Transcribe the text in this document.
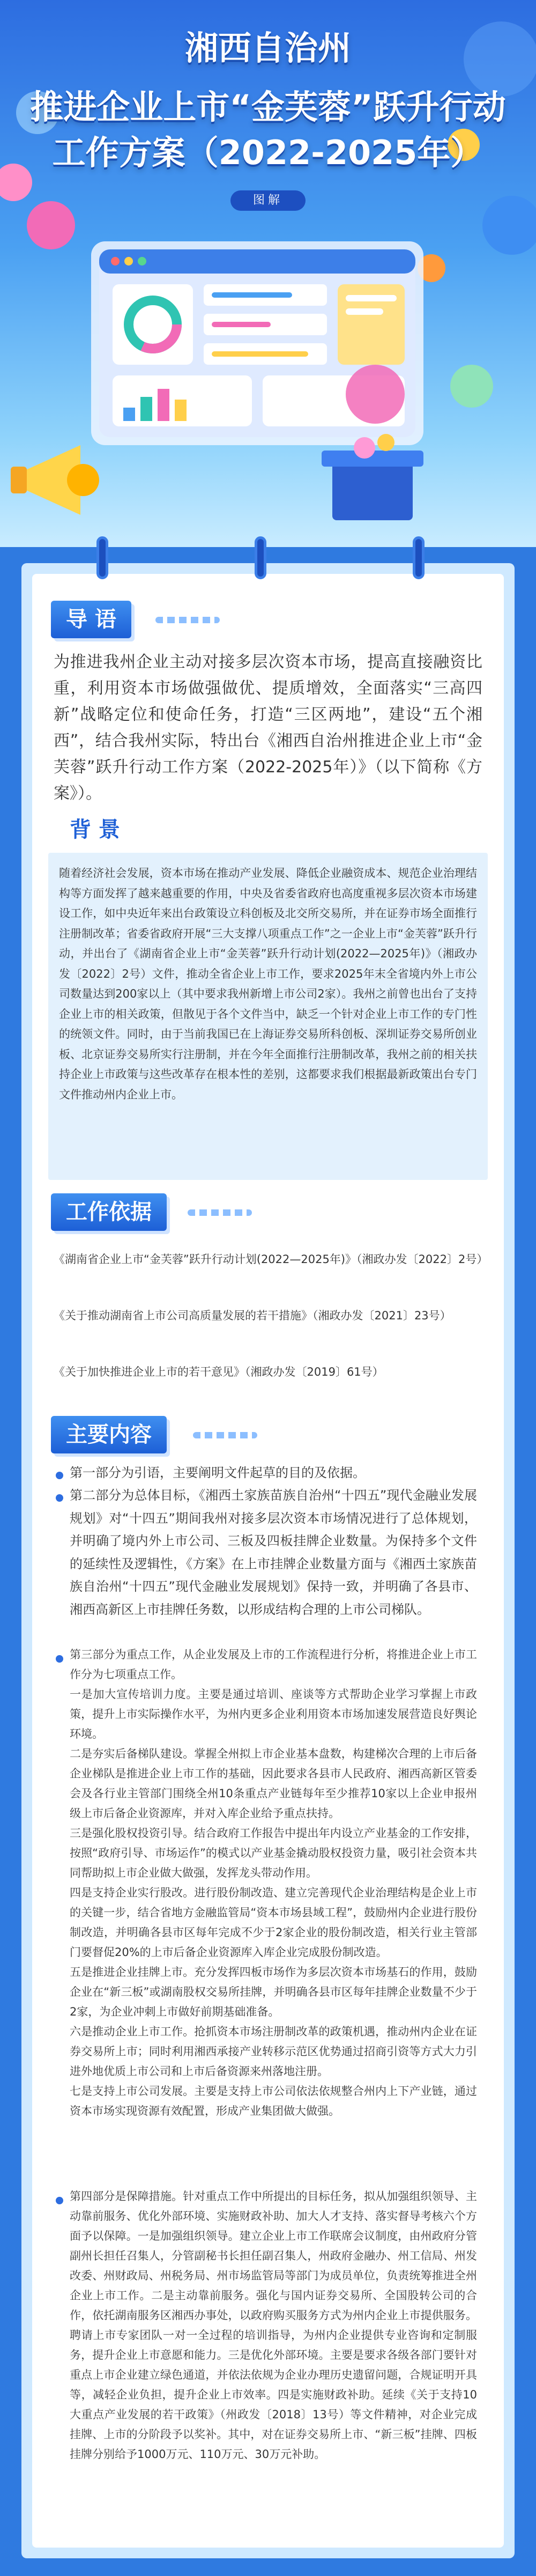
湘西自治州
推进企业上市“金芙蓉”跃升行动
工作方案（2022-2025年）
图解
导 语
为推进我州企业主动对接多层次资本市场，提高直接融资比重，利用资本市场做强做优、提质增效，全面落实“三高四新”战略定位和使命任务，打造“三区两地”，建设“五个湘西”，结合我州实际，特出台《湘西自治州推进企业上市“金芙蓉”跃升行动工作方案（2022-2025年）》（以下简称《方案》）。
背 景
随着经济社会发展，资本市场在推动产业发展、降低企业融资成本、规范企业治理结构等方面发挥了越来越重要的作用，中央及省委省政府也高度重视多层次资本市场建设工作，如中央近年来出台政策设立科创板及北交所交易所，并在证券市场全面推行注册制改革；省委省政府开展“三大支撑八项重点工作”之一企业上市“金芙蓉”跃升行动，并出台了《湖南省企业上市“金芙蓉”跃升行动计划(2022—2025年)》（湘政办发〔2022〕2号）文件，推动全省企业上市工作，要求2025年末全省境内外上市公司数量达到200家以上（其中要求我州新增上市公司2家）。我州之前曾也出台了支持企业上市的相关政策，但散见于各个文件当中，缺乏一个针对企业上市工作的专门性的统领文件。同时，由于当前我国已在上海证券交易所科创板、深圳证券交易所创业板、北京证券交易所实行注册制，并在今年全面推行注册制改革，我州之前的相关扶持企业上市政策与这些改革存在根本性的差别，这都要求我们根据最新政策出台专门文件推动州内企业上市。
工作依据
《湖南省企业上市“金芙蓉”跃升行动计划(2022—2025年)》（湘政办发〔2022〕2号）
《关于推动湖南省上市公司高质量发展的若干措施》（湘政办发〔2021〕23号）
《关于加快推进企业上市的若干意见》（湘政办发〔2019〕61号）
主要内容
第一部分为引语，主要阐明文件起草的目的及依据。
第二部分为总体目标，《湘西土家族苗族自治州“十四五”现代金融业发展规划》对“十四五”期间我州对接多层次资本市场情况进行了总体规划，并明确了境内外上市公司、三板及四板挂牌企业数量。为保持多个文件的延续性及逻辑性，《方案》在上市挂牌企业数量方面与《湘西土家族苗族自治州“十四五”现代金融业发展规划》保持一致，并明确了各县市、湘西高新区上市挂牌任务数，以形成结构合理的上市公司梯队。
第三部分为重点工作，从企业发展及上市的工作流程进行分析，将推进企业上市工作分为七项重点工作。
一是加大宣传培训力度。主要是通过培训、座谈等方式帮助企业学习掌握上市政策，提升上市实际操作水平，为州内更多企业利用资本市场加速发展营造良好舆论环境。
二是夯实后备梯队建设。掌握全州拟上市企业基本盘数，构建梯次合理的上市后备企业梯队是推进企业上市工作的基础，因此要求各县市人民政府、湘西高新区管委会及各行业主管部门围绕全州10条重点产业链每年至少推荐10家以上企业申报州级上市后备企业资源库，并对入库企业给予重点扶持。
三是强化股权投资引导。结合政府工作报告中提出年内设立产业基金的工作安排，按照“政府引导、市场运作”的模式以产业基金撬动股权投资力量，吸引社会资本共同帮助拟上市企业做大做强，发挥龙头带动作用。
四是支持企业实行股改。进行股份制改造、建立完善现代企业治理结构是企业上市的关键一步，结合省地方金融监管局“资本市场县域工程”，鼓励州内企业进行股份制改造，并明确各县市区每年完成不少于2家企业的股份制改造，相关行业主管部门要督促20%的上市后备企业资源库入库企业完成股份制改造。
五是推进企业挂牌上市。充分发挥四板市场作为多层次资本市场基石的作用，鼓励企业在“新三板”或湖南股权交易所挂牌，并明确各县市区每年挂牌企业数量不少于2家，为企业冲刺上市做好前期基础准备。
六是推动企业上市工作。抢抓资本市场注册制改革的政策机遇，推动州内企业在证券交易所上市；同时利用湘西承接产业转移示范区优势通过招商引资等方式大力引进外地优质上市公司和上市后备资源来州落地注册。
七是支持上市公司发展。主要是支持上市公司依法依规整合州内上下产业链，通过资本市场实现资源有效配置，形成产业集团做大做强。
第四部分是保障措施。针对重点工作中所提出的目标任务，拟从加强组织领导、主动靠前服务、优化外部环境、实施财政补助、加大人才支持、落实督导考核六个方面予以保障。一是加强组织领导。建立企业上市工作联席会议制度，由州政府分管副州长担任召集人，分管副秘书长担任副召集人，州政府金融办、州工信局、州发改委、州财政局、州税务局、州市场监管局等部门为成员单位，负责统筹推进全州企业上市工作。二是主动靠前服务。强化与国内证券交易所、全国股转公司的合作，依托湖南服务区湘西办事处，以政府购买服务方式为州内企业上市提供服务。聘请上市专家团队一对一全过程的培训指导，为州内企业提供专业咨询和定制服务，提升企业上市意愿和能力。三是优化外部环境。主要是要求各级各部门要针对重点上市企业建立绿色通道，并依法依规为企业办理历史遗留问题，合规证明开具等，减轻企业负担，提升企业上市效率。四是实施财政补助。延续《关于支持10大重点产业发展的若干政策》（州政发〔2018〕13号）等文件精神，对企业完成挂牌、上市的分阶段予以奖补。其中，对在证券交易所上市、“新三板”挂牌、四板挂牌分别给予1000万元、110万元、30万元补助。
